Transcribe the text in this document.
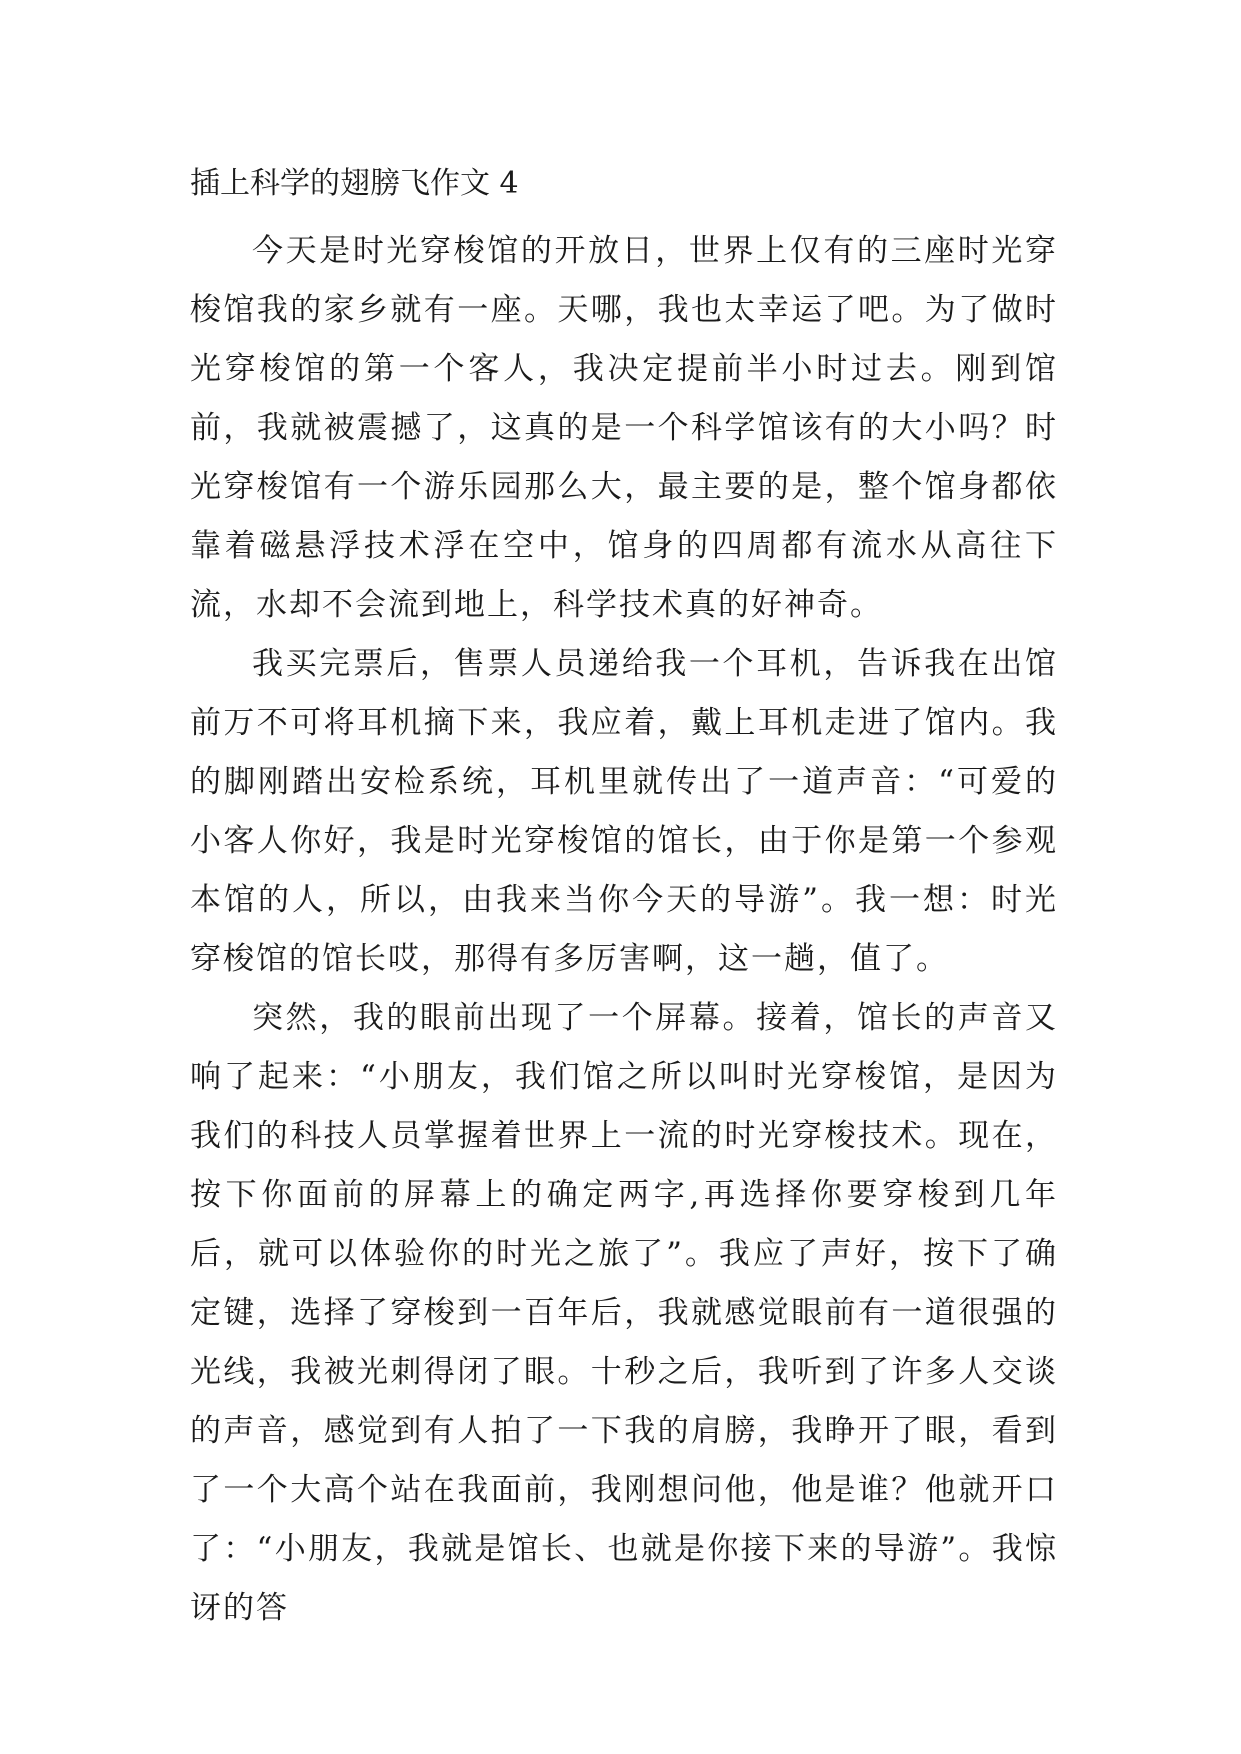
插上科学的翅膀飞作文 4

今天是时光穿梭馆的开放日，世界上仅有的三座时光穿梭馆我的家乡就有一座。天哪，我也太幸运了吧。为了做时光穿梭馆的第一个客人，我决定提前半小时过去。刚到馆前，我就被震撼了，这真的是一个科学馆该有的大小吗？时光穿梭馆有一个游乐园那么大，最主要的是，整个馆身都依靠着磁悬浮技术浮在空中，馆身的四周都有流水从高往下流，水却不会流到地上，科学技术真的好神奇。

我买完票后，售票人员递给我一个耳机，告诉我在出馆前万不可将耳机摘下来，我应着，戴上耳机走进了馆内。我的脚刚踏出安检系统，耳机里就传出了一道声音：“可爱的小客人你好，我是时光穿梭馆的馆长，由于你是第一个参观本馆的人，所以，由我来当你今天的导游”。我一想：时光穿梭馆的馆长哎，那得有多厉害啊，这一趟，值了。

突然，我的眼前出现了一个屏幕。接着，馆长的声音又响了起来：“小朋友，我们馆之所以叫时光穿梭馆，是因为我们的科技人员掌握着世界上一流的时光穿梭技术。现在，按下你面前的屏幕上的确定两字,再选择你要穿梭到几年后，就可以体验你的时光之旅了”。我应了声好，按下了确定键，选择了穿梭到一百年后，我就感觉眼前有一道很强的光线，我被光刺得闭了眼。十秒之后，我听到了许多人交谈的声音，感觉到有人拍了一下我的肩膀，我睁开了眼，看到了一个大高个站在我面前，我刚想问他，他是谁？他就开口了：“小朋友，我就是馆长、也就是你接下来的导游”。我惊讶的答
